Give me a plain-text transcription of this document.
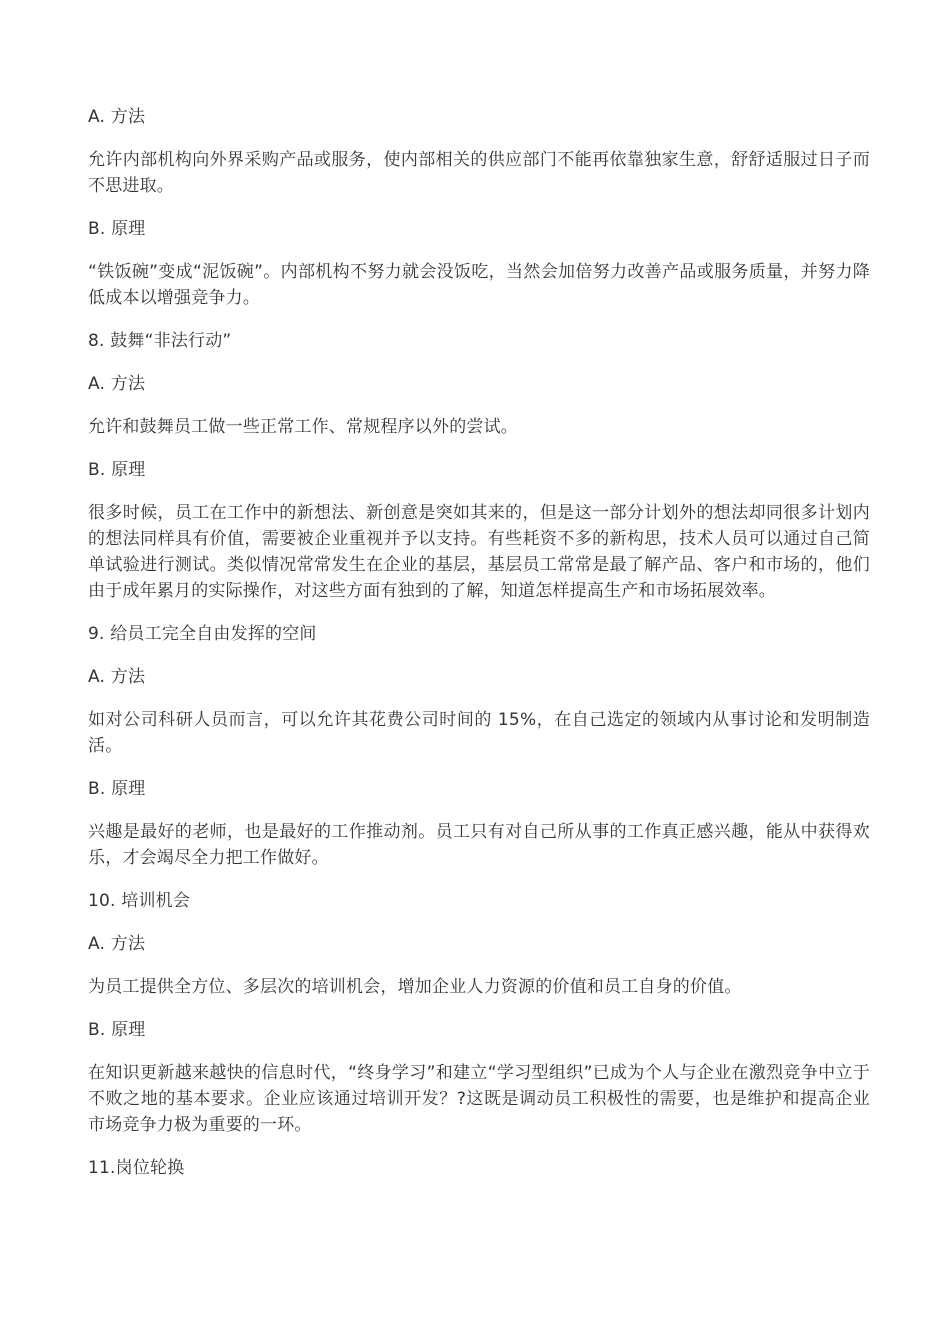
A. 方法

允许内部机构向外界采购产品或服务，使内部相关的供应部门不能再依靠独家生意，舒舒适服过日子而不思进取。

B. 原理

“铁饭碗”变成“泥饭碗”。内部机构不努力就会没饭吃，当然会加倍努力改善产品或服务质量，并努力降低成本以增强竞争力。

8. 鼓舞“非法行动”

A. 方法

允许和鼓舞员工做一些正常工作、常规程序以外的尝试。

B. 原理

很多时候，员工在工作中的新想法、新创意是突如其来的，但是这一部分计划外的想法却同很多计划内的想法同样具有价值，需要被企业重视并予以支持。有些耗资不多的新构思，技术人员可以通过自己简单试验进行测试。类似情况常常发生在企业的基层，基层员工常常是最了解产品、客户和市场的，他们由于成年累月的实际操作，对这些方面有独到的了解，知道怎样提高生产和市场拓展效率。

9. 给员工完全自由发挥的空间

A. 方法

如对公司科研人员而言，可以允许其花费公司时间的 15%，在自己选定的领域内从事讨论和发明制造活。

B. 原理

兴趣是最好的老师，也是最好的工作推动剂。员工只有对自己所从事的工作真正感兴趣，能从中获得欢乐，才会竭尽全力把工作做好。

10. 培训机会

A. 方法

为员工提供全方位、多层次的培训机会，增加企业人力资源的价值和员工自身的价值。

B. 原理

在知识更新越来越快的信息时代，“终身学习”和建立“学习型组织”已成为个人与企业在激烈竞争中立于不败之地的基本要求。企业应该通过培训开发？?这既是调动员工积极性的需要，也是维护和提高企业市场竞争力极为重要的一环。

11.岗位轮换
